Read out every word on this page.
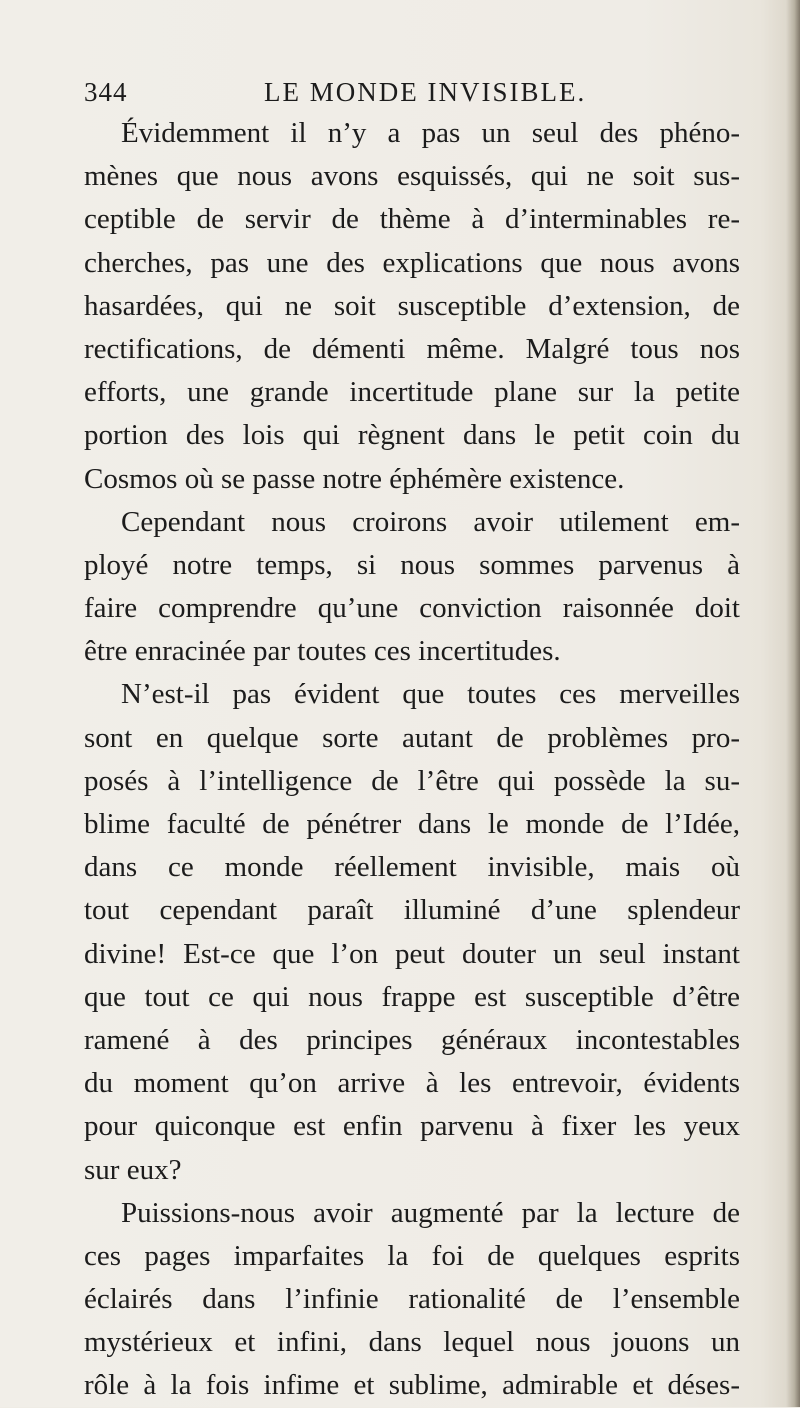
344	LE MONDE INVISIBLE.
Évidemment il n’y a pas un seul des phéno-
mènes que nous avons esquissés, qui ne soit sus-
ceptible de servir de thème à d’interminables re-
cherches, pas une des explications que nous avons
hasardées, qui ne soit susceptible d’extension, de
rectifications, de démenti même. Malgré tous nos
efforts, une grande incertitude plane sur la petite
portion des lois qui règnent dans le petit coin du
Cosmos où se passe notre éphémère existence.
Cependant nous croirons avoir utilement em-
ployé notre temps, si nous sommes parvenus à
faire comprendre qu’une conviction raisonnée doit
être enracinée par toutes ces incertitudes.
N’est-il pas évident que toutes ces merveilles
sont en quelque sorte autant de problèmes pro-
posés à l’intelligence de l’être qui possède la su-
blime faculté de pénétrer dans le monde de l’Idée,
dans ce monde réellement invisible, mais où
tout cependant paraît illuminé d’une splendeur
divine! Est-ce que l’on peut douter un seul instant
que tout ce qui nous frappe est susceptible d’être
ramené à des principes généraux incontestables
du moment qu’on arrive à les entrevoir, évidents
pour quiconque est enfin parvenu à fixer les yeux
sur eux?
Puissions-nous avoir augmenté par la lecture de
ces pages imparfaites la foi de quelques esprits
éclairés dans l’infinie rationalité de l’ensemble
mystérieux et infini, dans lequel nous jouons un
rôle à la fois infime et sublime, admirable et déses-
